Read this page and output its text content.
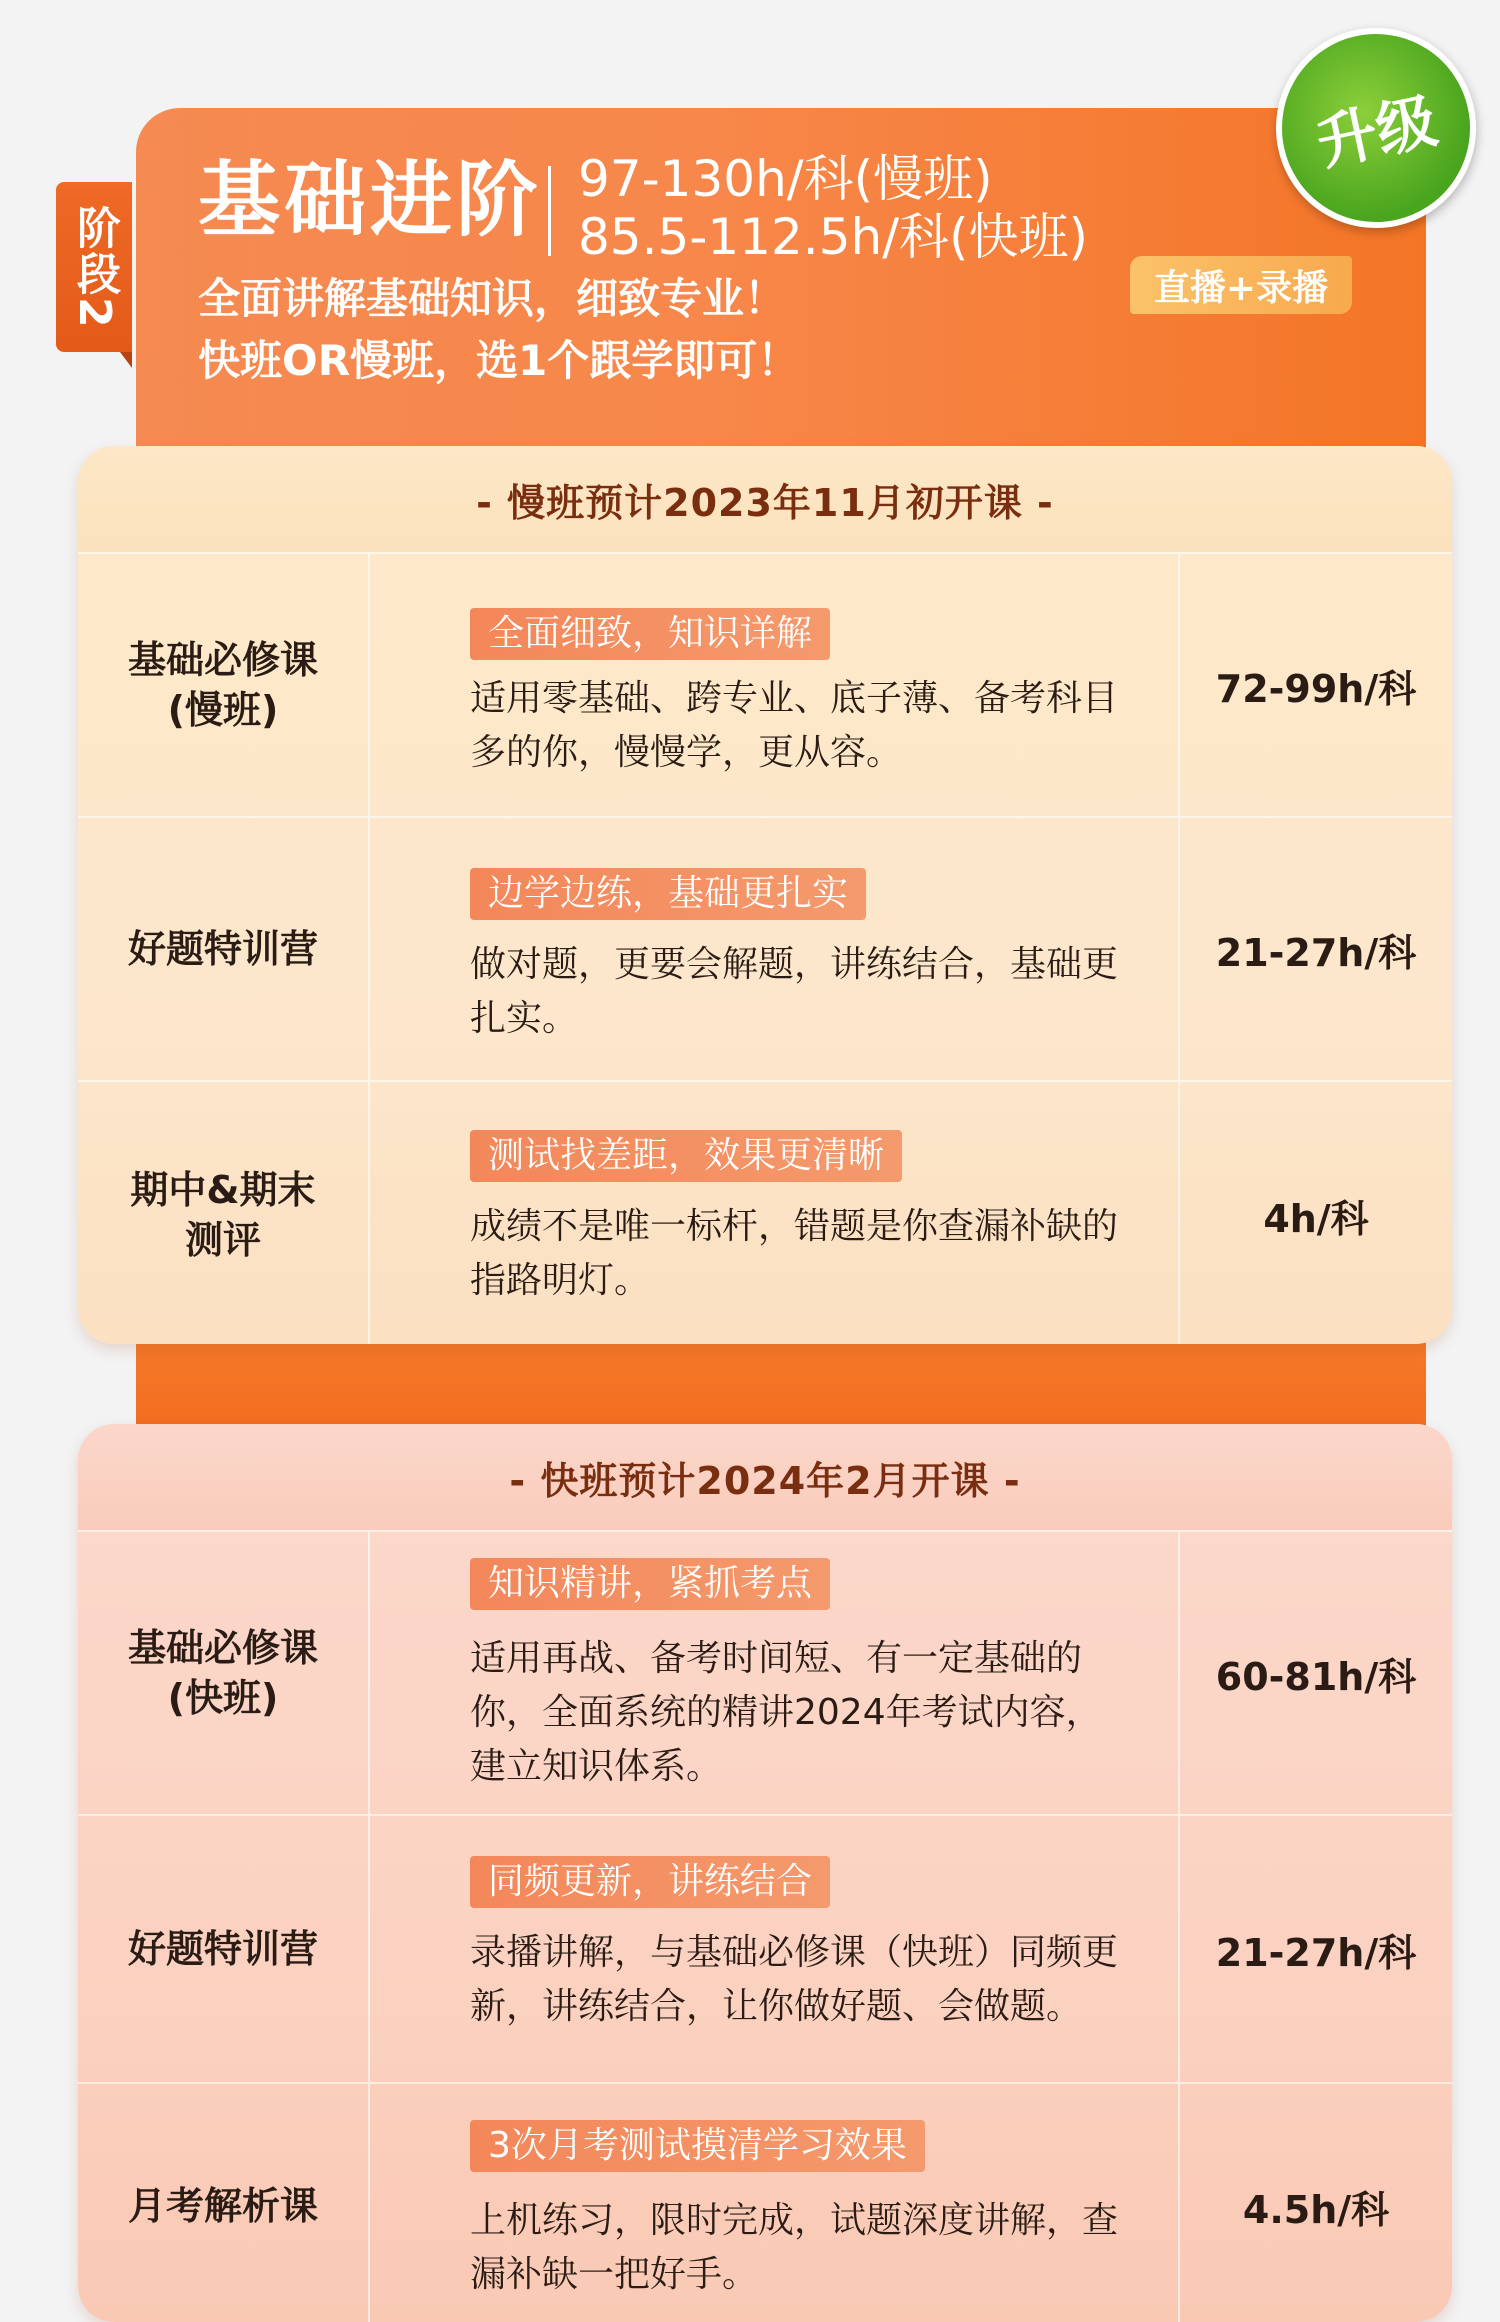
阶段2
基础进阶 97-130h/科(慢班)
85.5-112.5h/科(快班)
全面讲解基础知识，细致专业！
快班OR慢班，选1个跟学即可！
直播+录播
升级
- 慢班预计2023年11月初开课 -
基础必修课
(慢班)
全面细致，知识详解
适用零基础、跨专业、底子薄、备考科目多的你，慢慢学，更从容。
72-99h/科
好题特训营
边学边练，基础更扎实
做对题，更要会解题，讲练结合，基础更扎实。
21-27h/科
期中&期末
测评
测试找差距，效果更清晰
成绩不是唯一标杆，错题是你查漏补缺的指路明灯。
4h/科
- 快班预计2024年2月开课 -
基础必修课
(快班)
知识精讲，紧抓考点
适用再战、备考时间短、有一定基础的你，全面系统的精讲2024年考试内容，建立知识体系。
60-81h/科
好题特训营
同频更新，讲练结合
录播讲解，与基础必修课（快班）同频更新，讲练结合，让你做好题、会做题。
21-27h/科
月考解析课
3次月考测试摸清学习效果
上机练习，限时完成，试题深度讲解，查漏补缺一把好手。
4.5h/科
